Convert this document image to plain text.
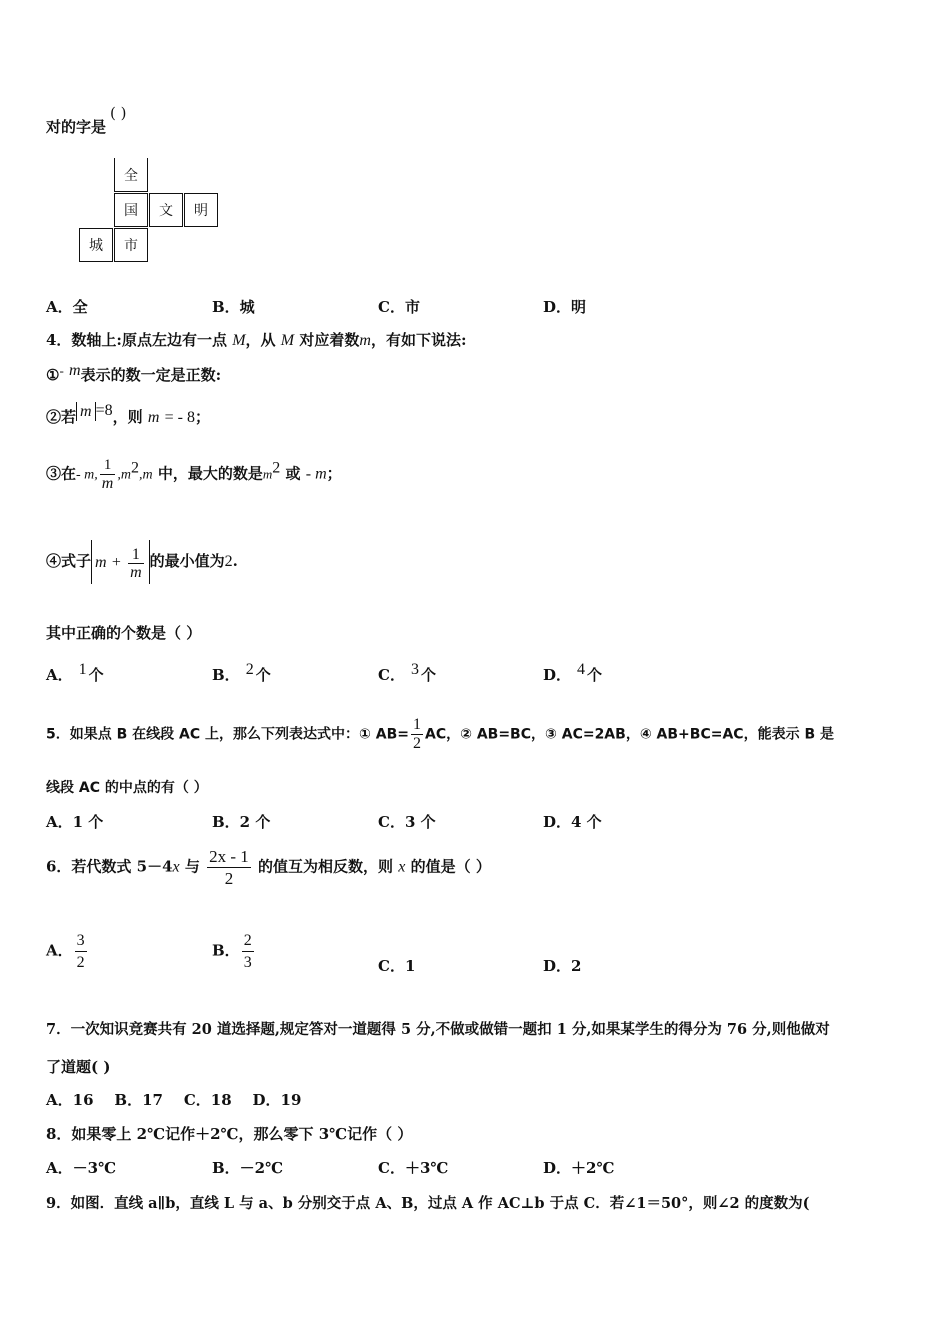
对的字是( )
全
国	文	明
城	市
A．全	B．城	C．市	D．明
4．数轴上:原点左边有一点 M，从 M 对应着数m，有如下说法:
①- m表示的数一定是正数:
②若 m =8，则 m = - 8；
③在- m, $\frac{1}{m} ,m^2,m$ 中，最大的数是$m^2$ 或 - m；
④式子 $m + \frac{1}{m}$ 的最小值为2.
其中正确的个数是（ ）
A． 1 个	B． 2 个	C． 3 个	D． 4 个
5．如果点 B 在线段 AC 上，那么下列表达式中：① $AB= \frac{1}{2}$ AC，② AB=BC，③ AC=2AB，④ AB+BC=AC，能表示 B 是
线段 AC 的中点的有（ ）
A．1 个	B．2 个	C．3 个	D．4 个
6．若代数式 5－4x 与 $\frac{2x - 1}{2}$ 的值互为相反数，则 x 的值是（ ）
A． $\frac{3}{2}$	B． $\frac{2}{3}$	C．1	D．2
7．一次知识竞赛共有 20 道选择题,规定答对一道题得 5 分,不做或做错一题扣 1 分,如果某学生的得分为 76 分,则他做对
了道题( )
A．16    B．17    C．18    D．19
8．如果零上 2℃记作＋2℃，那么零下 3℃记作（ ）
A．－3℃	B．－2℃	C．＋3℃	D．＋2℃
9．如图．直线 a∥b，直线 L 与 a、b 分别交于点 A、B，过点 A 作 AC⊥b 于点 C．若∠1＝50°，则∠2 的度数为(
